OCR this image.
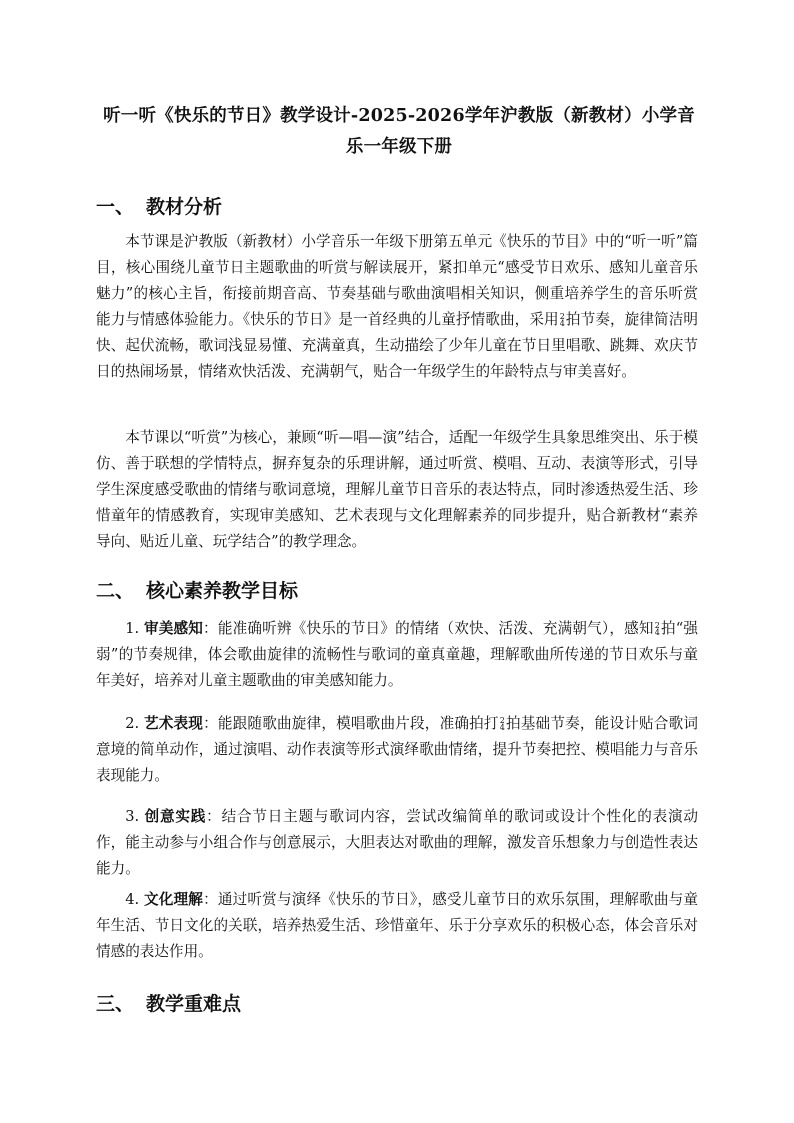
听一听《快乐的节日》教学设计-2025-2026学年沪教版（新教材）小学音乐一年级下册
一、 教材分析

本节课是沪教版（新教材）小学音乐一年级下册第五单元《快乐的节目》中的“听一听”篇目，核心围绕儿童节日主题歌曲的听赏与解读展开，紧扣单元“感受节日欢乐、感知儿童音乐魅力”的核心主旨，衔接前期音高、节奏基础与歌曲演唱相关知识，侧重培养学生的音乐听赏能力与情感体验能力。《快乐的节日》是一首经典的儿童抒情歌曲，采用 2
4 拍节奏，旋律简洁明快、起伏流畅，歌词浅显易懂、充满童真，生动描绘了少年儿童在节日里唱歌、跳舞、欢庆节日的热闹场景，情绪欢快活泼、充满朝气，贴合一年级学生的年龄特点与审美喜好。

本节课以“听赏”为核心，兼顾“听—唱—演”结合，适配一年级学生具象思维突出、乐于模仿、善于联想的学情特点，摒弃复杂的乐理讲解，通过听赏、模唱、互动、表演等形式，引导学生深度感受歌曲的情绪与歌词意境，理解儿童节日音乐的表达特点，同时渗透热爱生活、珍惜童年的情感教育，实现审美感知、艺术表现与文化理解素养的同步提升，贴合新教材“素养导向、贴近儿童、玩学结合”的教学理念。

二、 核心素养教学目标

1. 审美感知：能准确听辨《快乐的节日》的情绪（欢快、活泼、充满朝气），感知 2
4 拍“强弱”的节奏规律，体会歌曲旋律的流畅性与歌词的童真童趣，理解歌曲所传递的节日欢乐与童年美好，培养对儿童主题歌曲的审美感知能力。

2. 艺术表现：能跟随歌曲旋律，模唱歌曲片段，准确拍打 2
4 拍基础节奏，能设计贴合歌词意境的简单动作，通过演唱、动作表演等形式演绎歌曲情绪，提升节奏把控、模唱能力与音乐表现能力。

3. 创意实践：结合节日主题与歌词内容，尝试改编简单的歌词或设计个性化的表演动作，能主动参与小组合作与创意展示，大胆表达对歌曲的理解，激发音乐想象力与创造性表达能力。

4. 文化理解：通过听赏与演绎《快乐的节日》，感受儿童节日的欢乐氛围，理解歌曲与童年生活、节日文化的关联，培养热爱生活、珍惜童年、乐于分享欢乐的积极心态，体会音乐对情感的表达作用。

三、 教学重难点
